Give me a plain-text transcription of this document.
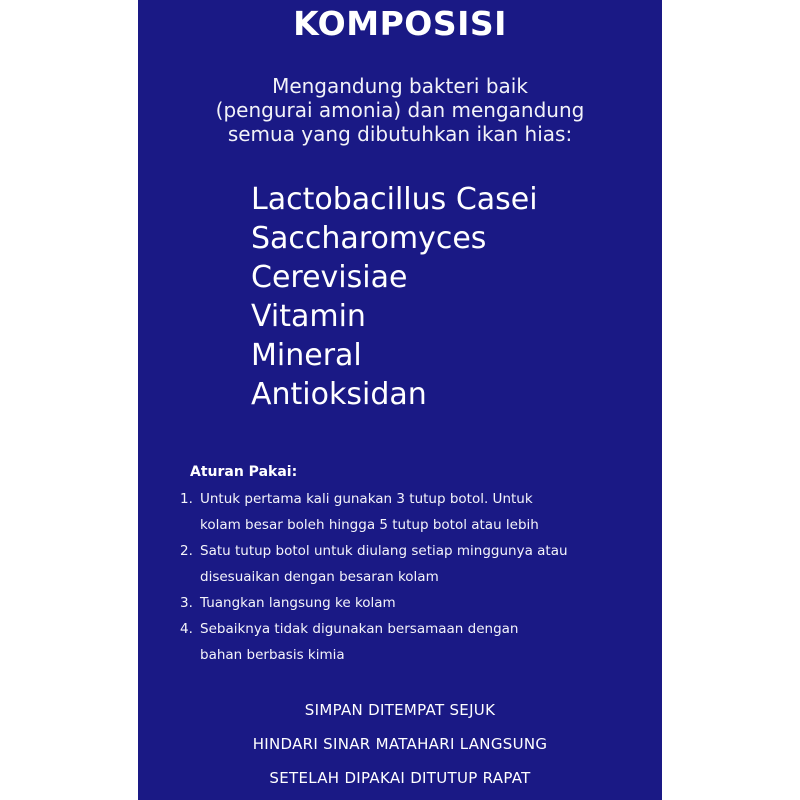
KOMPOSISI
Mengandung bakteri baik
(pengurai amonia) dan mengandung
semua yang dibutuhkan ikan hias:
Lactobacillus Casei
Saccharomyces
Cerevisiae
Vitamin
Mineral
Antioksidan
Aturan Pakai:
1. Untuk pertama kali gunakan 3 tutup botol. Untuk
kolam besar boleh hingga 5 tutup botol atau lebih
2. Satu tutup botol untuk diulang setiap minggunya atau
disesuaikan dengan besaran kolam
3. Tuangkan langsung ke kolam
4. Sebaiknya tidak digunakan bersamaan dengan
bahan berbasis kimia
SIMPAN DITEMPAT SEJUK
HINDARI SINAR MATAHARI LANGSUNG
SETELAH DIPAKAI DITUTUP RAPAT
